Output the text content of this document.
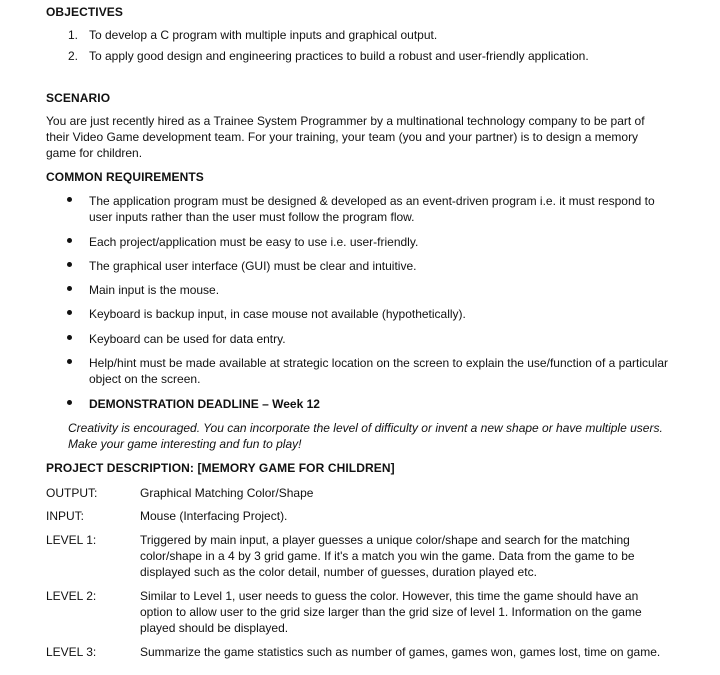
OBJECTIVES
1. To develop a C program with multiple inputs and graphical output.
2. To apply good design and engineering practices to build a robust and user-friendly application.
SCENARIO
You are just recently hired as a Trainee System Programmer by a multinational technology company to be part of
their Video Game development team. For your training, your team (you and your partner) is to design a memory
game for children.
COMMON REQUIREMENTS
The application program must be designed & developed as an event-driven program i.e. it must respond to
user inputs rather than the user must follow the program flow.
Each project/application must be easy to use i.e. user-friendly.
The graphical user interface (GUI) must be clear and intuitive.
Main input is the mouse.
Keyboard is backup input, in case mouse not available (hypothetically).
Keyboard can be used for data entry.
Help/hint must be made available at strategic location on the screen to explain the use/function of a particular
object on the screen.
DEMONSTRATION DEADLINE – Week 12
Creativity is encouraged. You can incorporate the level of difficulty or invent a new shape or have multiple users.
Make your game interesting and fun to play!
PROJECT DESCRIPTION: [MEMORY GAME FOR CHILDREN]
OUTPUT:	Graphical Matching Color/Shape
INPUT:	Mouse (Interfacing Project).
LEVEL 1:	Triggered by main input, a player guesses a unique color/shape and search for the matching
color/shape in a 4 by 3 grid game. If it's a match you win the game. Data from the game to be
displayed such as the color detail, number of guesses, duration played etc.
LEVEL 2:	Similar to Level 1, user needs to guess the color. However, this time the game should have an
option to allow user to the grid size larger than the grid size of level 1. Information on the game
played should be displayed.
LEVEL 3:	Summarize the game statistics such as number of games, games won, games lost, time on game.
